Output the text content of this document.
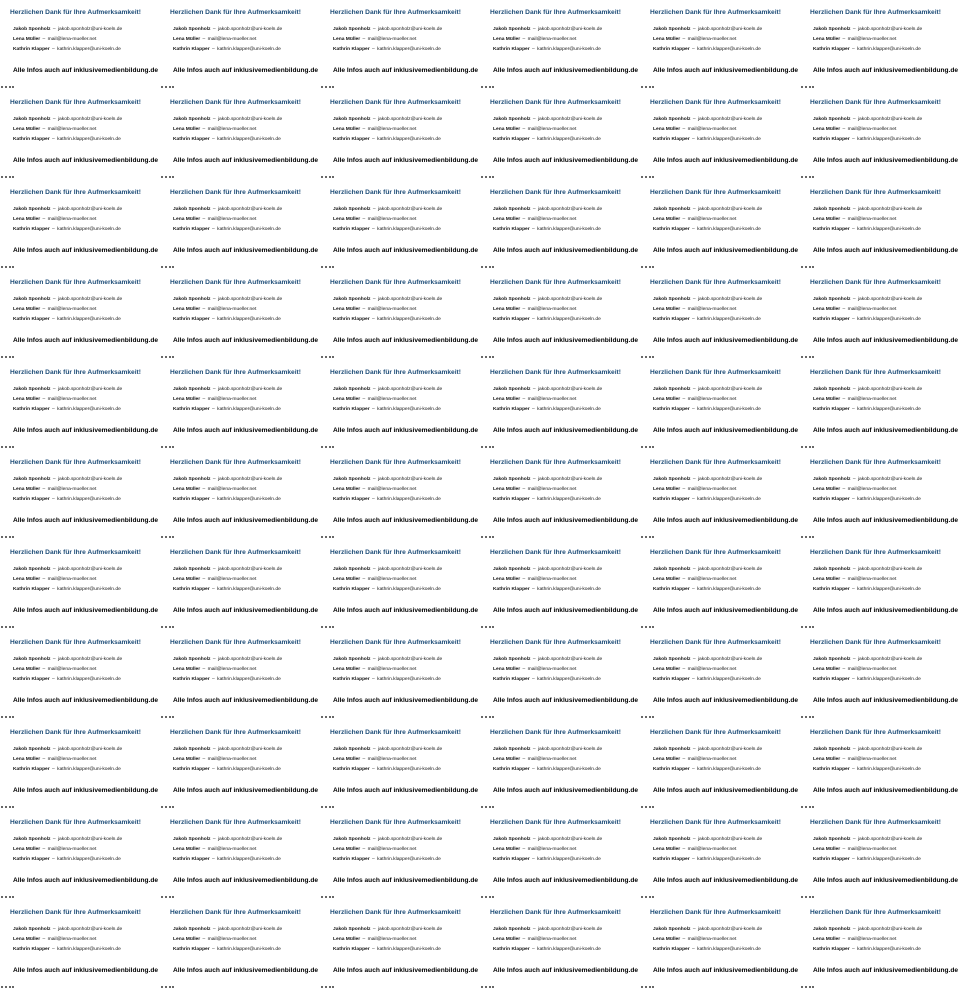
Herzlichen Dank für Ihre Aufmerksamkeit!

Jakob Sponholz – jakob.sponholz@uni-koeln.de

Lena Müller – mail@lena-mueller.net

Kathrin Klapper – kathrin.klapper@uni-koeln.de

Alle Infos auch auf inklusivemedienbildung.de

Herzlichen Dank für Ihre Aufmerksamkeit!

Jakob Sponholz – jakob.sponholz@uni-koeln.de

Lena Müller – mail@lena-mueller.net

Kathrin Klapper – kathrin.klapper@uni-koeln.de

Alle Infos auch auf inklusivemedienbildung.de

Herzlichen Dank für Ihre Aufmerksamkeit!

Jakob Sponholz – jakob.sponholz@uni-koeln.de

Lena Müller – mail@lena-mueller.net

Kathrin Klapper – kathrin.klapper@uni-koeln.de

Alle Infos auch auf inklusivemedienbildung.de

Herzlichen Dank für Ihre Aufmerksamkeit!

Jakob Sponholz – jakob.sponholz@uni-koeln.de

Lena Müller – mail@lena-mueller.net

Kathrin Klapper – kathrin.klapper@uni-koeln.de

Alle Infos auch auf inklusivemedienbildung.de

Herzlichen Dank für Ihre Aufmerksamkeit!

Jakob Sponholz – jakob.sponholz@uni-koeln.de

Lena Müller – mail@lena-mueller.net

Kathrin Klapper – kathrin.klapper@uni-koeln.de

Alle Infos auch auf inklusivemedienbildung.de

Herzlichen Dank für Ihre Aufmerksamkeit!

Jakob Sponholz – jakob.sponholz@uni-koeln.de

Lena Müller – mail@lena-mueller.net

Kathrin Klapper – kathrin.klapper@uni-koeln.de

Alle Infos auch auf inklusivemedienbildung.de

Herzlichen Dank für Ihre Aufmerksamkeit!

Jakob Sponholz – jakob.sponholz@uni-koeln.de

Lena Müller – mail@lena-mueller.net

Kathrin Klapper – kathrin.klapper@uni-koeln.de

Alle Infos auch auf inklusivemedienbildung.de

Herzlichen Dank für Ihre Aufmerksamkeit!

Jakob Sponholz – jakob.sponholz@uni-koeln.de

Lena Müller – mail@lena-mueller.net

Kathrin Klapper – kathrin.klapper@uni-koeln.de

Alle Infos auch auf inklusivemedienbildung.de

Herzlichen Dank für Ihre Aufmerksamkeit!

Jakob Sponholz – jakob.sponholz@uni-koeln.de

Lena Müller – mail@lena-mueller.net

Kathrin Klapper – kathrin.klapper@uni-koeln.de

Alle Infos auch auf inklusivemedienbildung.de

Herzlichen Dank für Ihre Aufmerksamkeit!

Jakob Sponholz – jakob.sponholz@uni-koeln.de

Lena Müller – mail@lena-mueller.net

Kathrin Klapper – kathrin.klapper@uni-koeln.de

Alle Infos auch auf inklusivemedienbildung.de

Herzlichen Dank für Ihre Aufmerksamkeit!

Jakob Sponholz – jakob.sponholz@uni-koeln.de

Lena Müller – mail@lena-mueller.net

Kathrin Klapper – kathrin.klapper@uni-koeln.de

Alle Infos auch auf inklusivemedienbildung.de

Herzlichen Dank für Ihre Aufmerksamkeit!

Jakob Sponholz – jakob.sponholz@uni-koeln.de

Lena Müller – mail@lena-mueller.net

Kathrin Klapper – kathrin.klapper@uni-koeln.de

Alle Infos auch auf inklusivemedienbildung.de

Herzlichen Dank für Ihre Aufmerksamkeit!

Jakob Sponholz – jakob.sponholz@uni-koeln.de

Lena Müller – mail@lena-mueller.net

Kathrin Klapper – kathrin.klapper@uni-koeln.de

Alle Infos auch auf inklusivemedienbildung.de

Herzlichen Dank für Ihre Aufmerksamkeit!

Jakob Sponholz – jakob.sponholz@uni-koeln.de

Lena Müller – mail@lena-mueller.net

Kathrin Klapper – kathrin.klapper@uni-koeln.de

Alle Infos auch auf inklusivemedienbildung.de

Herzlichen Dank für Ihre Aufmerksamkeit!

Jakob Sponholz – jakob.sponholz@uni-koeln.de

Lena Müller – mail@lena-mueller.net

Kathrin Klapper – kathrin.klapper@uni-koeln.de

Alle Infos auch auf inklusivemedienbildung.de

Herzlichen Dank für Ihre Aufmerksamkeit!

Jakob Sponholz – jakob.sponholz@uni-koeln.de

Lena Müller – mail@lena-mueller.net

Kathrin Klapper – kathrin.klapper@uni-koeln.de

Alle Infos auch auf inklusivemedienbildung.de

Herzlichen Dank für Ihre Aufmerksamkeit!

Jakob Sponholz – jakob.sponholz@uni-koeln.de

Lena Müller – mail@lena-mueller.net

Kathrin Klapper – kathrin.klapper@uni-koeln.de

Alle Infos auch auf inklusivemedienbildung.de

Herzlichen Dank für Ihre Aufmerksamkeit!

Jakob Sponholz – jakob.sponholz@uni-koeln.de

Lena Müller – mail@lena-mueller.net

Kathrin Klapper – kathrin.klapper@uni-koeln.de

Alle Infos auch auf inklusivemedienbildung.de

Herzlichen Dank für Ihre Aufmerksamkeit!

Jakob Sponholz – jakob.sponholz@uni-koeln.de

Lena Müller – mail@lena-mueller.net

Kathrin Klapper – kathrin.klapper@uni-koeln.de

Alle Infos auch auf inklusivemedienbildung.de

Herzlichen Dank für Ihre Aufmerksamkeit!

Jakob Sponholz – jakob.sponholz@uni-koeln.de

Lena Müller – mail@lena-mueller.net

Kathrin Klapper – kathrin.klapper@uni-koeln.de

Alle Infos auch auf inklusivemedienbildung.de

Herzlichen Dank für Ihre Aufmerksamkeit!

Jakob Sponholz – jakob.sponholz@uni-koeln.de

Lena Müller – mail@lena-mueller.net

Kathrin Klapper – kathrin.klapper@uni-koeln.de

Alle Infos auch auf inklusivemedienbildung.de

Herzlichen Dank für Ihre Aufmerksamkeit!

Jakob Sponholz – jakob.sponholz@uni-koeln.de

Lena Müller – mail@lena-mueller.net

Kathrin Klapper – kathrin.klapper@uni-koeln.de

Alle Infos auch auf inklusivemedienbildung.de

Herzlichen Dank für Ihre Aufmerksamkeit!

Jakob Sponholz – jakob.sponholz@uni-koeln.de

Lena Müller – mail@lena-mueller.net

Kathrin Klapper – kathrin.klapper@uni-koeln.de

Alle Infos auch auf inklusivemedienbildung.de

Herzlichen Dank für Ihre Aufmerksamkeit!

Jakob Sponholz – jakob.sponholz@uni-koeln.de

Lena Müller – mail@lena-mueller.net

Kathrin Klapper – kathrin.klapper@uni-koeln.de

Alle Infos auch auf inklusivemedienbildung.de

Herzlichen Dank für Ihre Aufmerksamkeit!

Jakob Sponholz – jakob.sponholz@uni-koeln.de

Lena Müller – mail@lena-mueller.net

Kathrin Klapper – kathrin.klapper@uni-koeln.de

Alle Infos auch auf inklusivemedienbildung.de

Herzlichen Dank für Ihre Aufmerksamkeit!

Jakob Sponholz – jakob.sponholz@uni-koeln.de

Lena Müller – mail@lena-mueller.net

Kathrin Klapper – kathrin.klapper@uni-koeln.de

Alle Infos auch auf inklusivemedienbildung.de

Herzlichen Dank für Ihre Aufmerksamkeit!

Jakob Sponholz – jakob.sponholz@uni-koeln.de

Lena Müller – mail@lena-mueller.net

Kathrin Klapper – kathrin.klapper@uni-koeln.de

Alle Infos auch auf inklusivemedienbildung.de

Herzlichen Dank für Ihre Aufmerksamkeit!

Jakob Sponholz – jakob.sponholz@uni-koeln.de

Lena Müller – mail@lena-mueller.net

Kathrin Klapper – kathrin.klapper@uni-koeln.de

Alle Infos auch auf inklusivemedienbildung.de

Herzlichen Dank für Ihre Aufmerksamkeit!

Jakob Sponholz – jakob.sponholz@uni-koeln.de

Lena Müller – mail@lena-mueller.net

Kathrin Klapper – kathrin.klapper@uni-koeln.de

Alle Infos auch auf inklusivemedienbildung.de

Herzlichen Dank für Ihre Aufmerksamkeit!

Jakob Sponholz – jakob.sponholz@uni-koeln.de

Lena Müller – mail@lena-mueller.net

Kathrin Klapper – kathrin.klapper@uni-koeln.de

Alle Infos auch auf inklusivemedienbildung.de

Herzlichen Dank für Ihre Aufmerksamkeit!

Jakob Sponholz – jakob.sponholz@uni-koeln.de

Lena Müller – mail@lena-mueller.net

Kathrin Klapper – kathrin.klapper@uni-koeln.de

Alle Infos auch auf inklusivemedienbildung.de

Herzlichen Dank für Ihre Aufmerksamkeit!

Jakob Sponholz – jakob.sponholz@uni-koeln.de

Lena Müller – mail@lena-mueller.net

Kathrin Klapper – kathrin.klapper@uni-koeln.de

Alle Infos auch auf inklusivemedienbildung.de

Herzlichen Dank für Ihre Aufmerksamkeit!

Jakob Sponholz – jakob.sponholz@uni-koeln.de

Lena Müller – mail@lena-mueller.net

Kathrin Klapper – kathrin.klapper@uni-koeln.de

Alle Infos auch auf inklusivemedienbildung.de

Herzlichen Dank für Ihre Aufmerksamkeit!

Jakob Sponholz – jakob.sponholz@uni-koeln.de

Lena Müller – mail@lena-mueller.net

Kathrin Klapper – kathrin.klapper@uni-koeln.de

Alle Infos auch auf inklusivemedienbildung.de

Herzlichen Dank für Ihre Aufmerksamkeit!

Jakob Sponholz – jakob.sponholz@uni-koeln.de

Lena Müller – mail@lena-mueller.net

Kathrin Klapper – kathrin.klapper@uni-koeln.de

Alle Infos auch auf inklusivemedienbildung.de

Herzlichen Dank für Ihre Aufmerksamkeit!

Jakob Sponholz – jakob.sponholz@uni-koeln.de

Lena Müller – mail@lena-mueller.net

Kathrin Klapper – kathrin.klapper@uni-koeln.de

Alle Infos auch auf inklusivemedienbildung.de

Herzlichen Dank für Ihre Aufmerksamkeit!

Jakob Sponholz – jakob.sponholz@uni-koeln.de

Lena Müller – mail@lena-mueller.net

Kathrin Klapper – kathrin.klapper@uni-koeln.de

Alle Infos auch auf inklusivemedienbildung.de

Herzlichen Dank für Ihre Aufmerksamkeit!

Jakob Sponholz – jakob.sponholz@uni-koeln.de

Lena Müller – mail@lena-mueller.net

Kathrin Klapper – kathrin.klapper@uni-koeln.de

Alle Infos auch auf inklusivemedienbildung.de

Herzlichen Dank für Ihre Aufmerksamkeit!

Jakob Sponholz – jakob.sponholz@uni-koeln.de

Lena Müller – mail@lena-mueller.net

Kathrin Klapper – kathrin.klapper@uni-koeln.de

Alle Infos auch auf inklusivemedienbildung.de

Herzlichen Dank für Ihre Aufmerksamkeit!

Jakob Sponholz – jakob.sponholz@uni-koeln.de

Lena Müller – mail@lena-mueller.net

Kathrin Klapper – kathrin.klapper@uni-koeln.de

Alle Infos auch auf inklusivemedienbildung.de

Herzlichen Dank für Ihre Aufmerksamkeit!

Jakob Sponholz – jakob.sponholz@uni-koeln.de

Lena Müller – mail@lena-mueller.net

Kathrin Klapper – kathrin.klapper@uni-koeln.de

Alle Infos auch auf inklusivemedienbildung.de

Herzlichen Dank für Ihre Aufmerksamkeit!

Jakob Sponholz – jakob.sponholz@uni-koeln.de

Lena Müller – mail@lena-mueller.net

Kathrin Klapper – kathrin.klapper@uni-koeln.de

Alle Infos auch auf inklusivemedienbildung.de

Herzlichen Dank für Ihre Aufmerksamkeit!

Jakob Sponholz – jakob.sponholz@uni-koeln.de

Lena Müller – mail@lena-mueller.net

Kathrin Klapper – kathrin.klapper@uni-koeln.de

Alle Infos auch auf inklusivemedienbildung.de

Herzlichen Dank für Ihre Aufmerksamkeit!

Jakob Sponholz – jakob.sponholz@uni-koeln.de

Lena Müller – mail@lena-mueller.net

Kathrin Klapper – kathrin.klapper@uni-koeln.de

Alle Infos auch auf inklusivemedienbildung.de

Herzlichen Dank für Ihre Aufmerksamkeit!

Jakob Sponholz – jakob.sponholz@uni-koeln.de

Lena Müller – mail@lena-mueller.net

Kathrin Klapper – kathrin.klapper@uni-koeln.de

Alle Infos auch auf inklusivemedienbildung.de

Herzlichen Dank für Ihre Aufmerksamkeit!

Jakob Sponholz – jakob.sponholz@uni-koeln.de

Lena Müller – mail@lena-mueller.net

Kathrin Klapper – kathrin.klapper@uni-koeln.de

Alle Infos auch auf inklusivemedienbildung.de

Herzlichen Dank für Ihre Aufmerksamkeit!

Jakob Sponholz – jakob.sponholz@uni-koeln.de

Lena Müller – mail@lena-mueller.net

Kathrin Klapper – kathrin.klapper@uni-koeln.de

Alle Infos auch auf inklusivemedienbildung.de

Herzlichen Dank für Ihre Aufmerksamkeit!

Jakob Sponholz – jakob.sponholz@uni-koeln.de

Lena Müller – mail@lena-mueller.net

Kathrin Klapper – kathrin.klapper@uni-koeln.de

Alle Infos auch auf inklusivemedienbildung.de

Herzlichen Dank für Ihre Aufmerksamkeit!

Jakob Sponholz – jakob.sponholz@uni-koeln.de

Lena Müller – mail@lena-mueller.net

Kathrin Klapper – kathrin.klapper@uni-koeln.de

Alle Infos auch auf inklusivemedienbildung.de

Herzlichen Dank für Ihre Aufmerksamkeit!

Jakob Sponholz – jakob.sponholz@uni-koeln.de

Lena Müller – mail@lena-mueller.net

Kathrin Klapper – kathrin.klapper@uni-koeln.de

Alle Infos auch auf inklusivemedienbildung.de

Herzlichen Dank für Ihre Aufmerksamkeit!

Jakob Sponholz – jakob.sponholz@uni-koeln.de

Lena Müller – mail@lena-mueller.net

Kathrin Klapper – kathrin.klapper@uni-koeln.de

Alle Infos auch auf inklusivemedienbildung.de

Herzlichen Dank für Ihre Aufmerksamkeit!

Jakob Sponholz – jakob.sponholz@uni-koeln.de

Lena Müller – mail@lena-mueller.net

Kathrin Klapper – kathrin.klapper@uni-koeln.de

Alle Infos auch auf inklusivemedienbildung.de

Herzlichen Dank für Ihre Aufmerksamkeit!

Jakob Sponholz – jakob.sponholz@uni-koeln.de

Lena Müller – mail@lena-mueller.net

Kathrin Klapper – kathrin.klapper@uni-koeln.de

Alle Infos auch auf inklusivemedienbildung.de

Herzlichen Dank für Ihre Aufmerksamkeit!

Jakob Sponholz – jakob.sponholz@uni-koeln.de

Lena Müller – mail@lena-mueller.net

Kathrin Klapper – kathrin.klapper@uni-koeln.de

Alle Infos auch auf inklusivemedienbildung.de

Herzlichen Dank für Ihre Aufmerksamkeit!

Jakob Sponholz – jakob.sponholz@uni-koeln.de

Lena Müller – mail@lena-mueller.net

Kathrin Klapper – kathrin.klapper@uni-koeln.de

Alle Infos auch auf inklusivemedienbildung.de

Herzlichen Dank für Ihre Aufmerksamkeit!

Jakob Sponholz – jakob.sponholz@uni-koeln.de

Lena Müller – mail@lena-mueller.net

Kathrin Klapper – kathrin.klapper@uni-koeln.de

Alle Infos auch auf inklusivemedienbildung.de

Herzlichen Dank für Ihre Aufmerksamkeit!

Jakob Sponholz – jakob.sponholz@uni-koeln.de

Lena Müller – mail@lena-mueller.net

Kathrin Klapper – kathrin.klapper@uni-koeln.de

Alle Infos auch auf inklusivemedienbildung.de

Herzlichen Dank für Ihre Aufmerksamkeit!

Jakob Sponholz – jakob.sponholz@uni-koeln.de

Lena Müller – mail@lena-mueller.net

Kathrin Klapper – kathrin.klapper@uni-koeln.de

Alle Infos auch auf inklusivemedienbildung.de

Herzlichen Dank für Ihre Aufmerksamkeit!

Jakob Sponholz – jakob.sponholz@uni-koeln.de

Lena Müller – mail@lena-mueller.net

Kathrin Klapper – kathrin.klapper@uni-koeln.de

Alle Infos auch auf inklusivemedienbildung.de

Herzlichen Dank für Ihre Aufmerksamkeit!

Jakob Sponholz – jakob.sponholz@uni-koeln.de

Lena Müller – mail@lena-mueller.net

Kathrin Klapper – kathrin.klapper@uni-koeln.de

Alle Infos auch auf inklusivemedienbildung.de

Herzlichen Dank für Ihre Aufmerksamkeit!

Jakob Sponholz – jakob.sponholz@uni-koeln.de

Lena Müller – mail@lena-mueller.net

Kathrin Klapper – kathrin.klapper@uni-koeln.de

Alle Infos auch auf inklusivemedienbildung.de

Herzlichen Dank für Ihre Aufmerksamkeit!

Jakob Sponholz – jakob.sponholz@uni-koeln.de

Lena Müller – mail@lena-mueller.net

Kathrin Klapper – kathrin.klapper@uni-koeln.de

Alle Infos auch auf inklusivemedienbildung.de

Herzlichen Dank für Ihre Aufmerksamkeit!

Jakob Sponholz – jakob.sponholz@uni-koeln.de

Lena Müller – mail@lena-mueller.net

Kathrin Klapper – kathrin.klapper@uni-koeln.de

Alle Infos auch auf inklusivemedienbildung.de

Herzlichen Dank für Ihre Aufmerksamkeit!

Jakob Sponholz – jakob.sponholz@uni-koeln.de

Lena Müller – mail@lena-mueller.net

Kathrin Klapper – kathrin.klapper@uni-koeln.de

Alle Infos auch auf inklusivemedienbildung.de

Herzlichen Dank für Ihre Aufmerksamkeit!

Jakob Sponholz – jakob.sponholz@uni-koeln.de

Lena Müller – mail@lena-mueller.net

Kathrin Klapper – kathrin.klapper@uni-koeln.de

Alle Infos auch auf inklusivemedienbildung.de

Herzlichen Dank für Ihre Aufmerksamkeit!

Jakob Sponholz – jakob.sponholz@uni-koeln.de

Lena Müller – mail@lena-mueller.net

Kathrin Klapper – kathrin.klapper@uni-koeln.de

Alle Infos auch auf inklusivemedienbildung.de
